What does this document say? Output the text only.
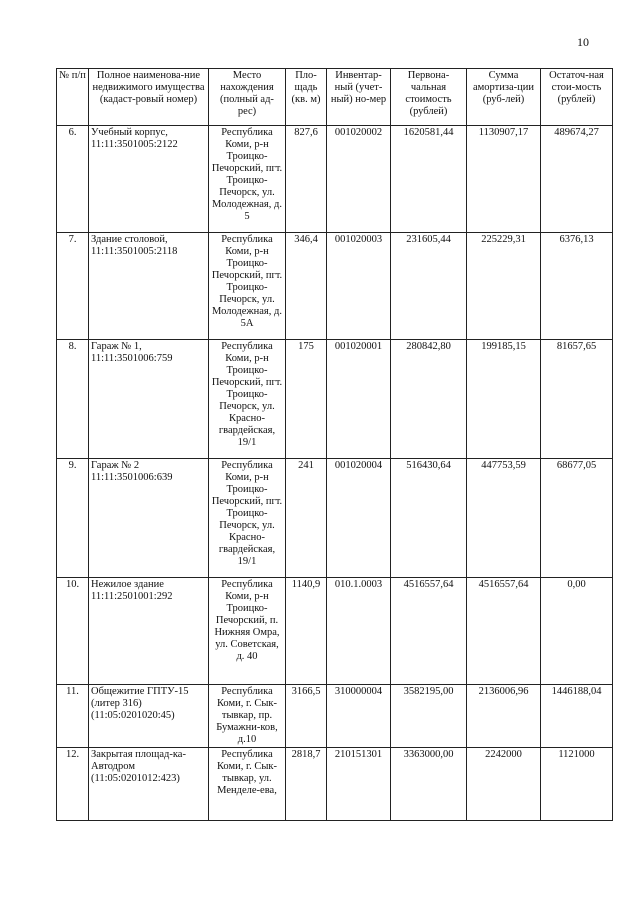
10
№ п/п	Полное наименова-ние недвижимого имущества (кадаст-ровый номер)	Место нахождения (полный ад-рес)	Пло-щадь (кв. м)	Инвентар-ный (учет-ный) но-мер	Первона-чальная стоимость (рублей)	Сумма амортиза-ции (руб-лей)	Остаточ-ная стои-мость (рублей)
6.	Учебный корпус, 11:11:3501005:2122	Республика Коми, р-н Троицко-Печорский, пгт. Троицко-Печорск, ул. Молодежная, д. 5	827,6	001020002	1620581,44	1130907,17	489674,27
7.	Здание столовой, 11:11:3501005:2118	Республика Коми, р-н Троицко-Печорский, пгт. Троицко-Печорск, ул. Молодежная, д. 5А	346,4	001020003	231605,44	225229,31	6376,13
8.	Гараж № 1, 11:11:3501006:759	Республика Коми, р-н Троицко-Печорский, пгт. Троицко-Печорск, ул. Красно-гвардейская, 19/1	175	001020001	280842,80	199185,15	81657,65
9.	Гараж № 2 11:11:3501006:639	Республика Коми, р-н Троицко-Печорский, пгт. Троицко-Печорск, ул. Красно-гвардейская, 19/1	241	001020004	516430,64	447753,59	68677,05
10.	Нежилое здание 11:11:2501001:292	Республика Коми, р-н Троицко-Печорский, п. Нижняя Омра, ул. Советская, д. 40	1140,9	010.1.0003	4516557,64	4516557,64	0,00
11.	Общежитие ГПТУ-15 (литер 316) (11:05:0201020:45)	Республика Коми, г. Сык-тывкар, пр. Бумажни-ков, д.10	3166,5	310000004	3582195,00	2136006,96	1446188,04
12.	Закрытая площад-ка- Автодром (11:05:0201012:423)	Республика Коми, г. Сык-тывкар, ул. Менделе-ева,	2818,7	210151301	3363000,00	2242000	1121000
